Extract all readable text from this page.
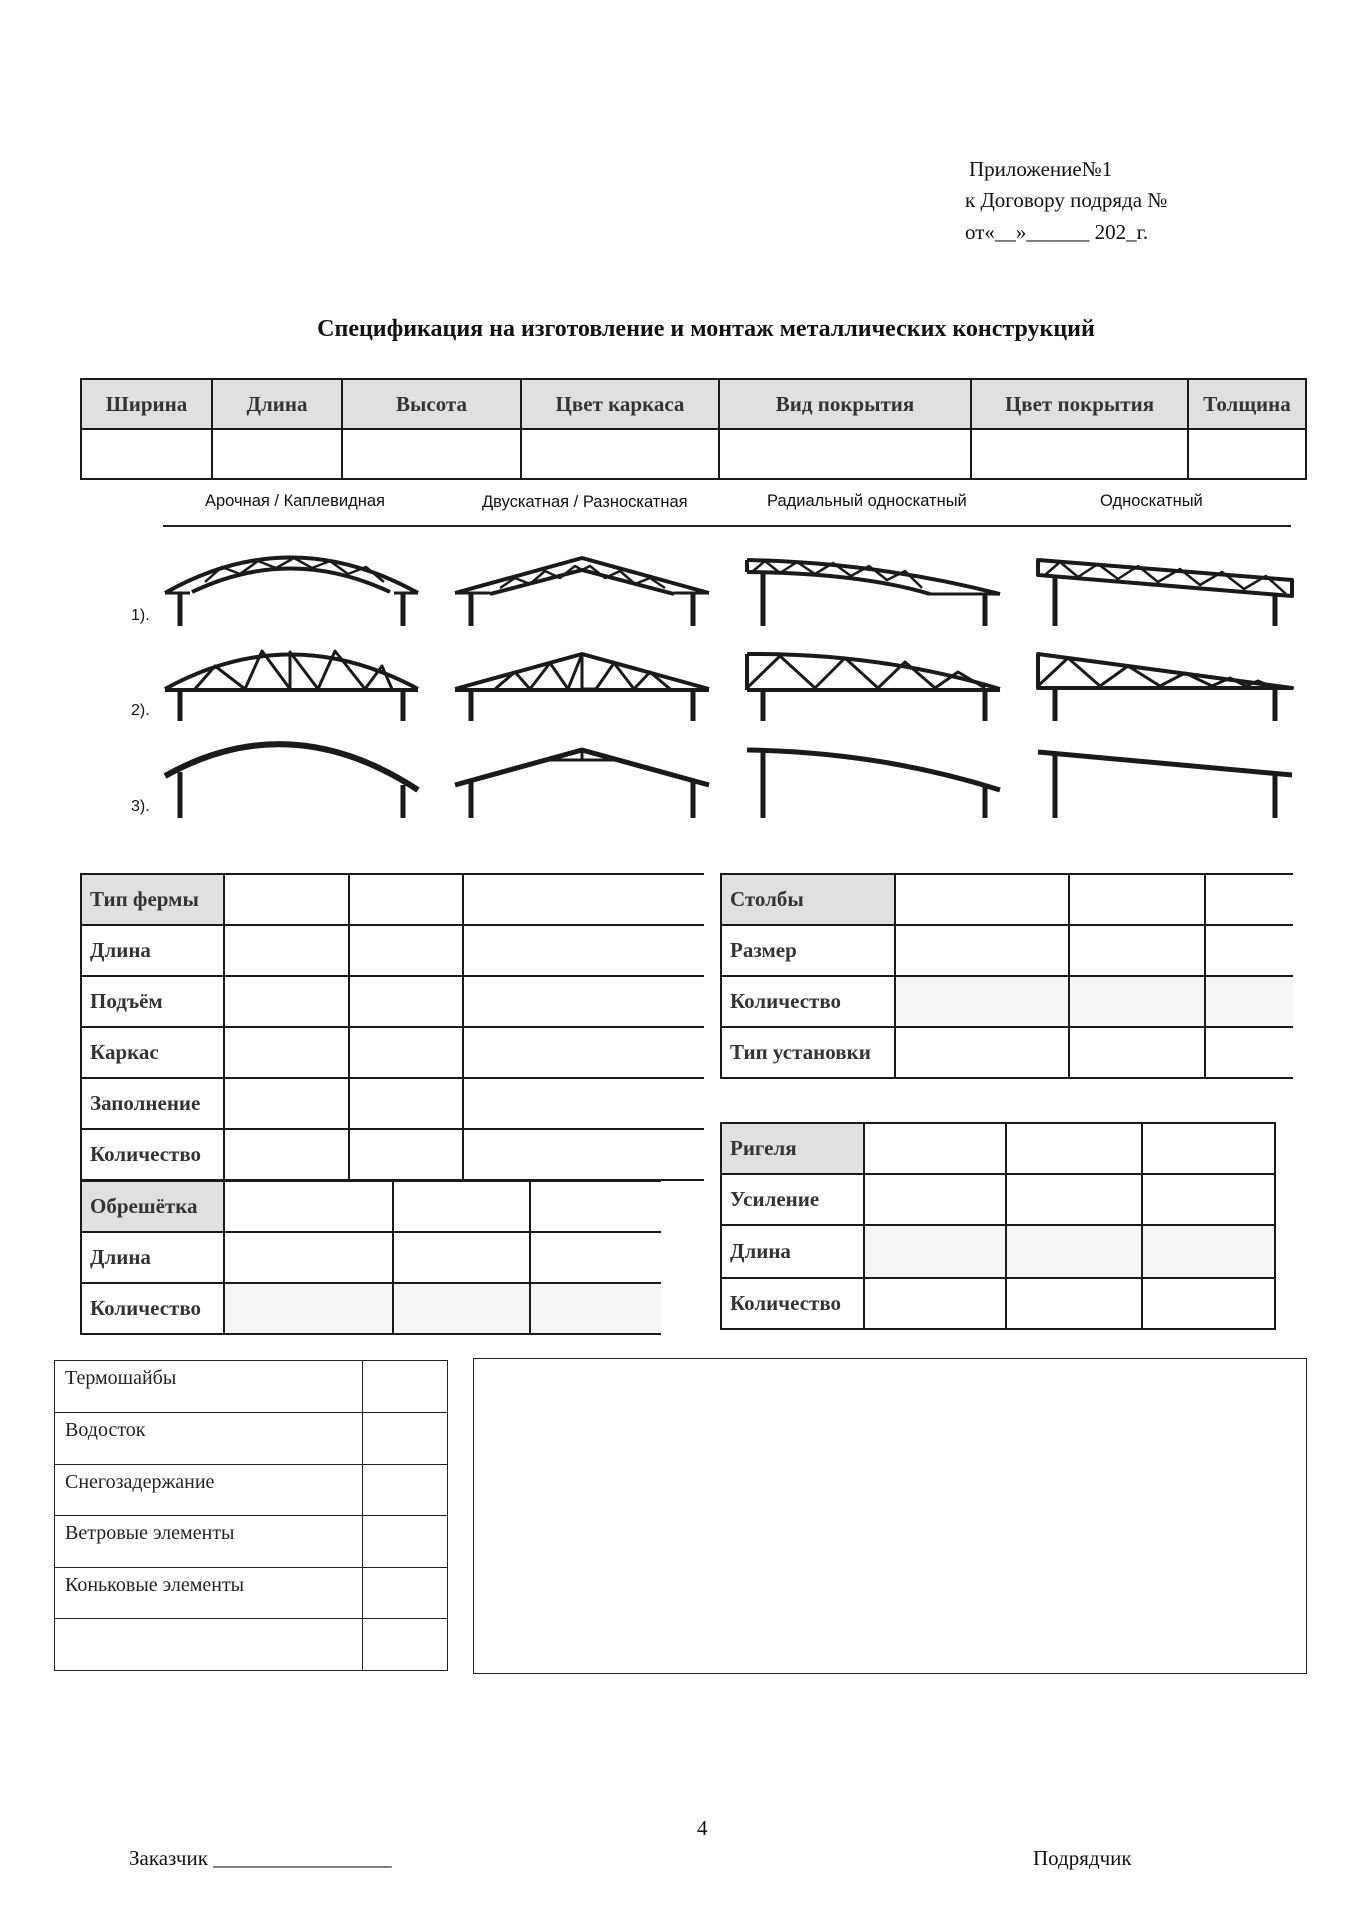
Приложение№1
к Договору подряда №
от«__»______ 202_г.
Спецификация на изготовление и монтаж металлических конструкций
Ширина	Длина	Высота	Цвет каркаса	Вид покрытия	Цвет покрытия	Толщина

Арочная / Каплевидная	Двускатная / Разноскатная	Радиальный односкатный	Односкатный
1).
2).
3).
Тип фермы			
Длина			
Подъём			
Каркас			
Заполнение			
Количество			
Обрешётка			
Длина			
Количество			
Столбы			
Размер			
Количество			
Тип установки			
Ригеля			
Усиление			
Длина			
Количество			
Термошайбы	
Водосток	
Снегозадержание	
Ветровые элементы	
Коньковые элементы	

4
Заказчик _________________	Подрядчик
